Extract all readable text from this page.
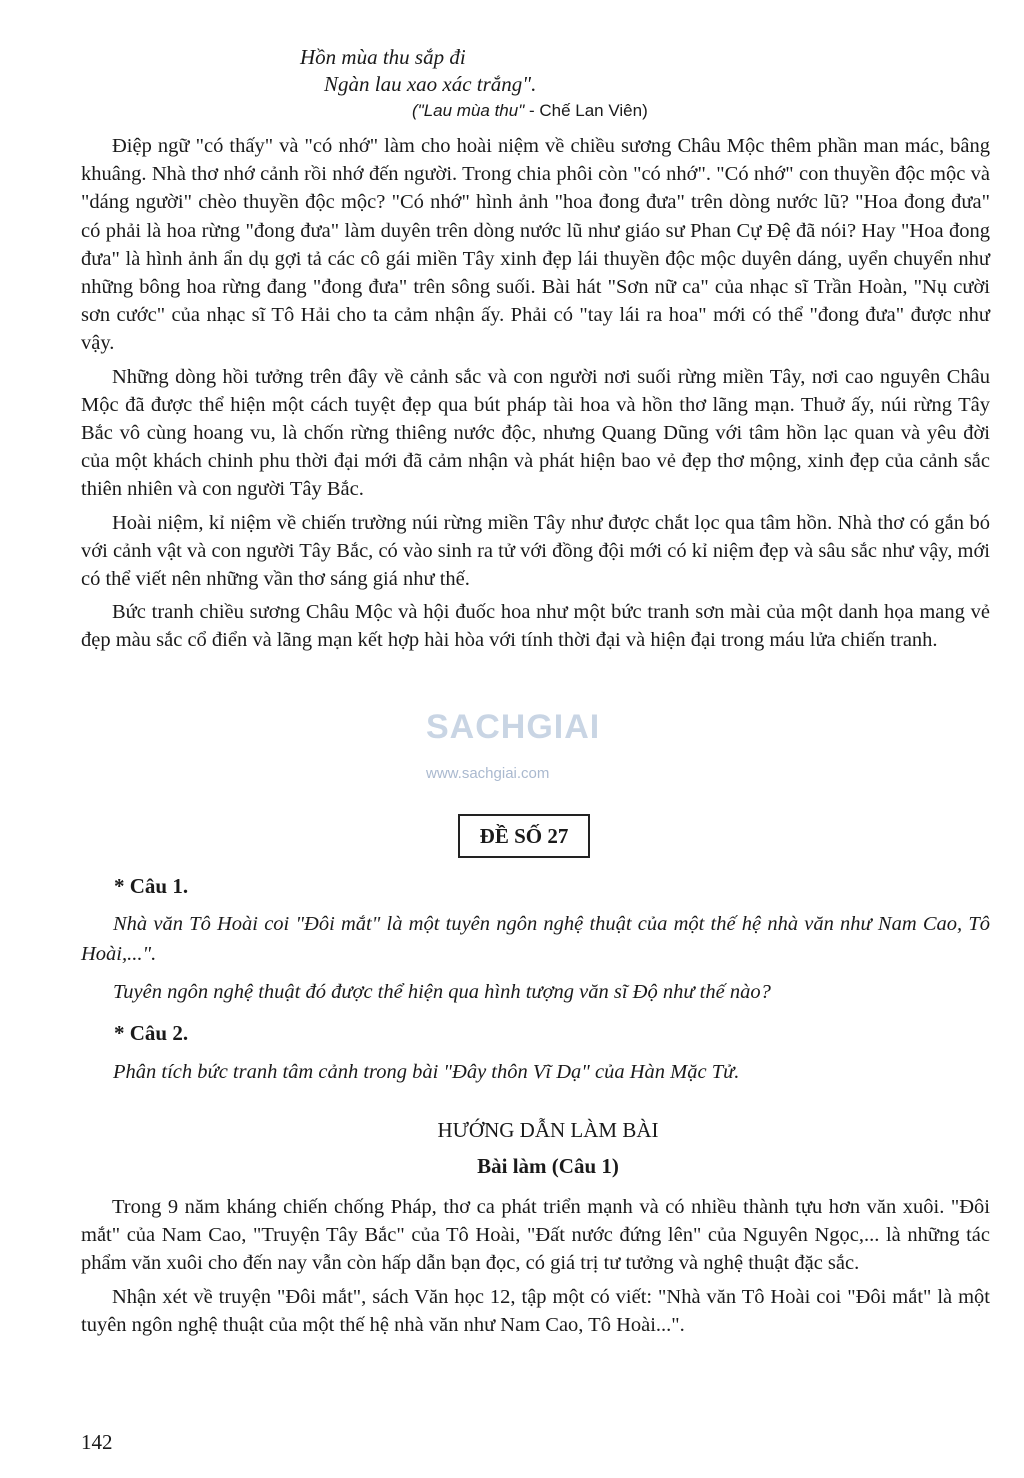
Hồn mùa thu sắp đi
Ngàn lau xao xác trắng".
("Lau mùa thu" - Chế Lan Viên)

Điệp ngữ "có thấy" và "có nhớ" làm cho hoài niệm về chiều sương Châu Mộc thêm phần man mác, bâng khuâng. Nhà thơ nhớ cảnh rồi nhớ đến người. Trong chia phôi còn "có nhớ". "Có nhớ" con thuyền độc mộc và "dáng người" chèo thuyền độc mộc? "Có nhớ" hình ảnh "hoa đong đưa" trên dòng nước lũ? "Hoa đong đưa" có phải là hoa rừng "đong đưa" làm duyên trên dòng nước lũ như giáo sư Phan Cự Đệ đã nói? Hay "Hoa đong đưa" là hình ảnh ẩn dụ gợi tả các cô gái miền Tây xinh đẹp lái thuyền độc mộc duyên dáng, uyển chuyển như những bông hoa rừng đang "đong đưa" trên sông suối. Bài hát "Sơn nữ ca" của nhạc sĩ Trần Hoàn, "Nụ cười sơn cước" của nhạc sĩ Tô Hải cho ta cảm nhận ấy. Phải có "tay lái ra hoa" mới có thể "đong đưa" được như vậy.

Những dòng hồi tưởng trên đây về cảnh sắc và con người nơi suối rừng miền Tây, nơi cao nguyên Châu Mộc đã được thể hiện một cách tuyệt đẹp qua bút pháp tài hoa và hồn thơ lãng mạn. Thuở ấy, núi rừng Tây Bắc vô cùng hoang vu, là chốn rừng thiêng nước độc, nhưng Quang Dũng với tâm hồn lạc quan và yêu đời của một khách chinh phu thời đại mới đã cảm nhận và phát hiện bao vẻ đẹp thơ mộng, xinh đẹp của cảnh sắc thiên nhiên và con người Tây Bắc.

Hoài niệm, kỉ niệm về chiến trường núi rừng miền Tây như được chắt lọc qua tâm hồn. Nhà thơ có gắn bó với cảnh vật và con người Tây Bắc, có vào sinh ra tử với đồng đội mới có kỉ niệm đẹp và sâu sắc như vậy, mới có thể viết nên những vần thơ sáng giá như thế.

Bức tranh chiều sương Châu Mộc và hội đuốc hoa như một bức tranh sơn mài của một danh họa mang vẻ đẹp màu sắc cổ điển và lãng mạn kết hợp hài hòa với tính thời đại và hiện đại trong máu lửa chiến tranh.

SACHGIAI
www.sachgiai.com
ĐỀ SỐ 27
* Câu 1.

Nhà văn Tô Hoài coi "Đôi mắt" là một tuyên ngôn nghệ thuật của một thế hệ nhà văn như Nam Cao, Tô Hoài,...".

Tuyên ngôn nghệ thuật đó được thể hiện qua hình tượng văn sĩ Độ như thế nào?

* Câu 2.

Phân tích bức tranh tâm cảnh trong bài "Đây thôn Vĩ Dạ" của Hàn Mặc Tử.

HƯỚNG DẪN LÀM BÀI
Bài làm (Câu 1)

Trong 9 năm kháng chiến chống Pháp, thơ ca phát triển mạnh và có nhiều thành tựu hơn văn xuôi. "Đôi mắt" của Nam Cao, "Truyện Tây Bắc" của Tô Hoài, "Đất nước đứng lên" của Nguyên Ngọc,... là những tác phẩm văn xuôi cho đến nay vẫn còn hấp dẫn bạn đọc, có giá trị tư tưởng và nghệ thuật đặc sắc.

Nhận xét về truyện "Đôi mắt", sách Văn học 12, tập một có viết: "Nhà văn Tô Hoài coi "Đôi mắt" là một tuyên ngôn nghệ thuật của một thế hệ nhà văn như Nam Cao, Tô Hoài...".

142
